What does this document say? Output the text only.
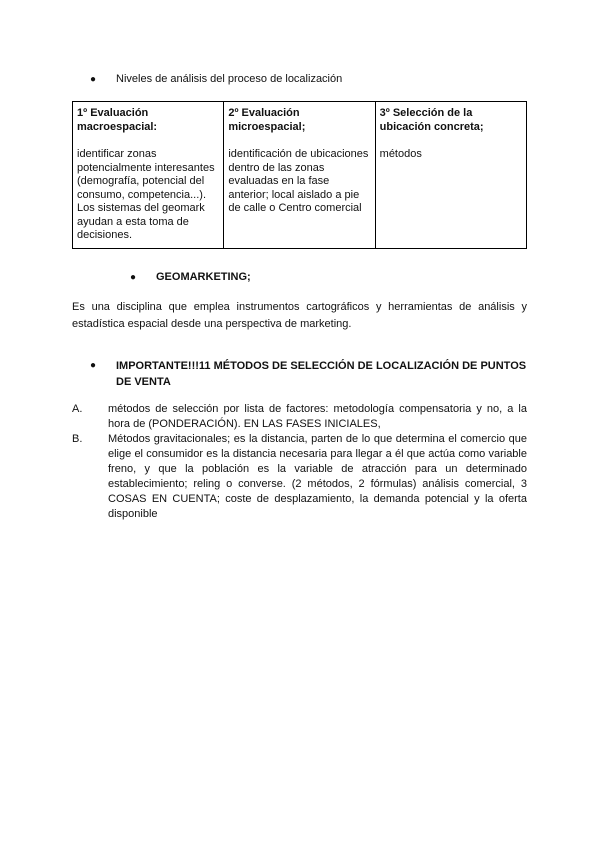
●	Niveles de análisis del proceso de localización
1º Evaluación macroespacial:
identificar zonas potencialmente interesantes (demografía, potencial del consumo, competencia...). Los sistemas del geomark ayudan a esta toma de decisiones.

2º Evaluación microespacial;
identificación de ubicaciones dentro de las zonas evaluadas en la fase anterior; local aislado a pie de calle o Centro comercial

3º Selección de la ubicación concreta;
métodos
●	GEOMARKETING;

Es una disciplina que emplea instrumentos cartográficos y herramientas de análisis y estadística espacial desde una perspectiva de marketing.

●	IMPORTANTE!!!11 MÉTODOS DE SELECCIÓN DE LOCALIZACIÓN DE PUNTOS DE VENTA
A.	métodos de selección por lista de factores: metodología compensatoria y no, a la hora de (PONDERACIÓN). EN LAS FASES INICIALES,
B.	Métodos gravitacionales; es la distancia, parten de lo que determina el comercio que elige el consumidor es la distancia necesaria para llegar a él que actúa como variable freno, y que la población es la variable de atracción para un determinado establecimiento; reling o converse. (2 métodos, 2 fórmulas) análisis comercial, 3 COSAS EN CUENTA; coste de desplazamiento, la demanda potencial y la oferta disponible
